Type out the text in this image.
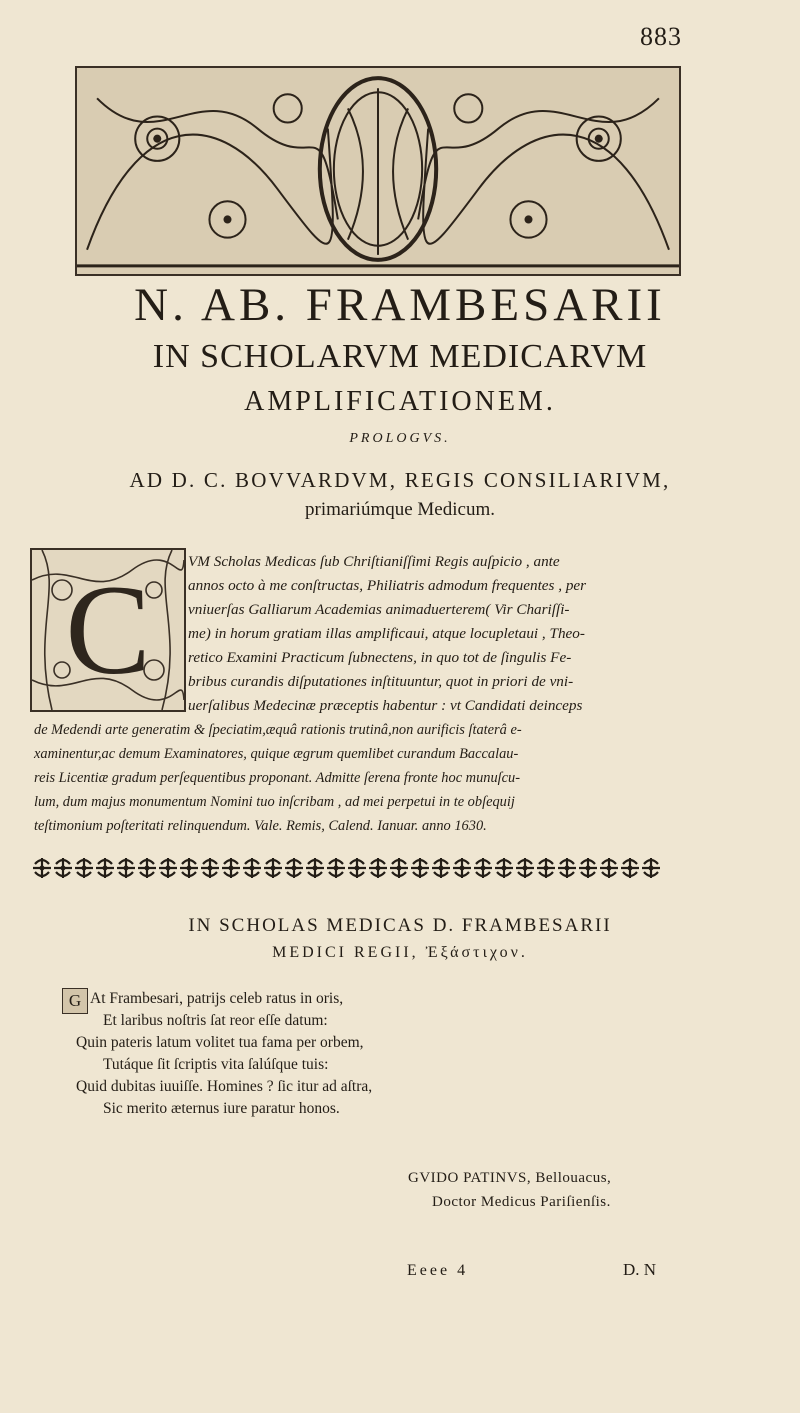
883
N. AB. FRAMBESARII
IN SCHOLARVM MEDICARVM
AMPLIFICATIONEM.
PROLOGVS.
AD D. C. BOVVARDVM, REGIS CONSILIARIVM,
primariúmque Medicum.
C	VM Scholas Medicas ſub Chriſtianiſſimi Regis auſpicio , ante
annos octo à me conſtructas, Philiatris admodum frequentes , per
vniuerſas Galliarum Academias animaduerterem( Vir Chariſſi-
me) in horum gratiam illas amplificaui, atque locupletaui , Theo-
retico Examini Practicum ſubnectens, in quo tot de ſingulis Fe-
bribus curandis diſputationes inſtituuntur, quot in priori de vni-
uerſalibus Medecinæ præceptis habentur : vt Candidati deinceps
de Medendi arte generatim & ſpeciatim,æquâ rationis trutinâ,non aurificis ſtaterâ e-
xaminentur,ac demum Examinatores, quique ægrum quemlibet curandum Baccalau-
reis Licentiæ gradum perſequentibus proponant. Admitte ſerena fronte hoc munuſcu-
lum, dum majus monumentum Nomini tuo inſcribam , ad mei perpetui in te obſequij
teſtimonium poſteritati relinquendum. Vale. Remis, Calend. Ianuar. anno 1630.
IN SCHOLAS MEDICAS D. FRAMBESARII
MEDICI REGII, Ἐξάστιχον.
G At Frambesari, patrijs celeb ratus in oris,
Et laribus noſtris ſat reor eſſe datum:
Quin pateris latum volitet tua fama per orbem,
Tutáque ſit ſcriptis vita ſalúſque tuis:
Quid dubitas iuuiſſe. Homines ? ſic itur ad aſtra,
Sic merito æternus iure paratur honos.
GVIDO PATINVS, Bellouacus,
Doctor Medicus Pariſienſis.
Eeee 4	D. N
